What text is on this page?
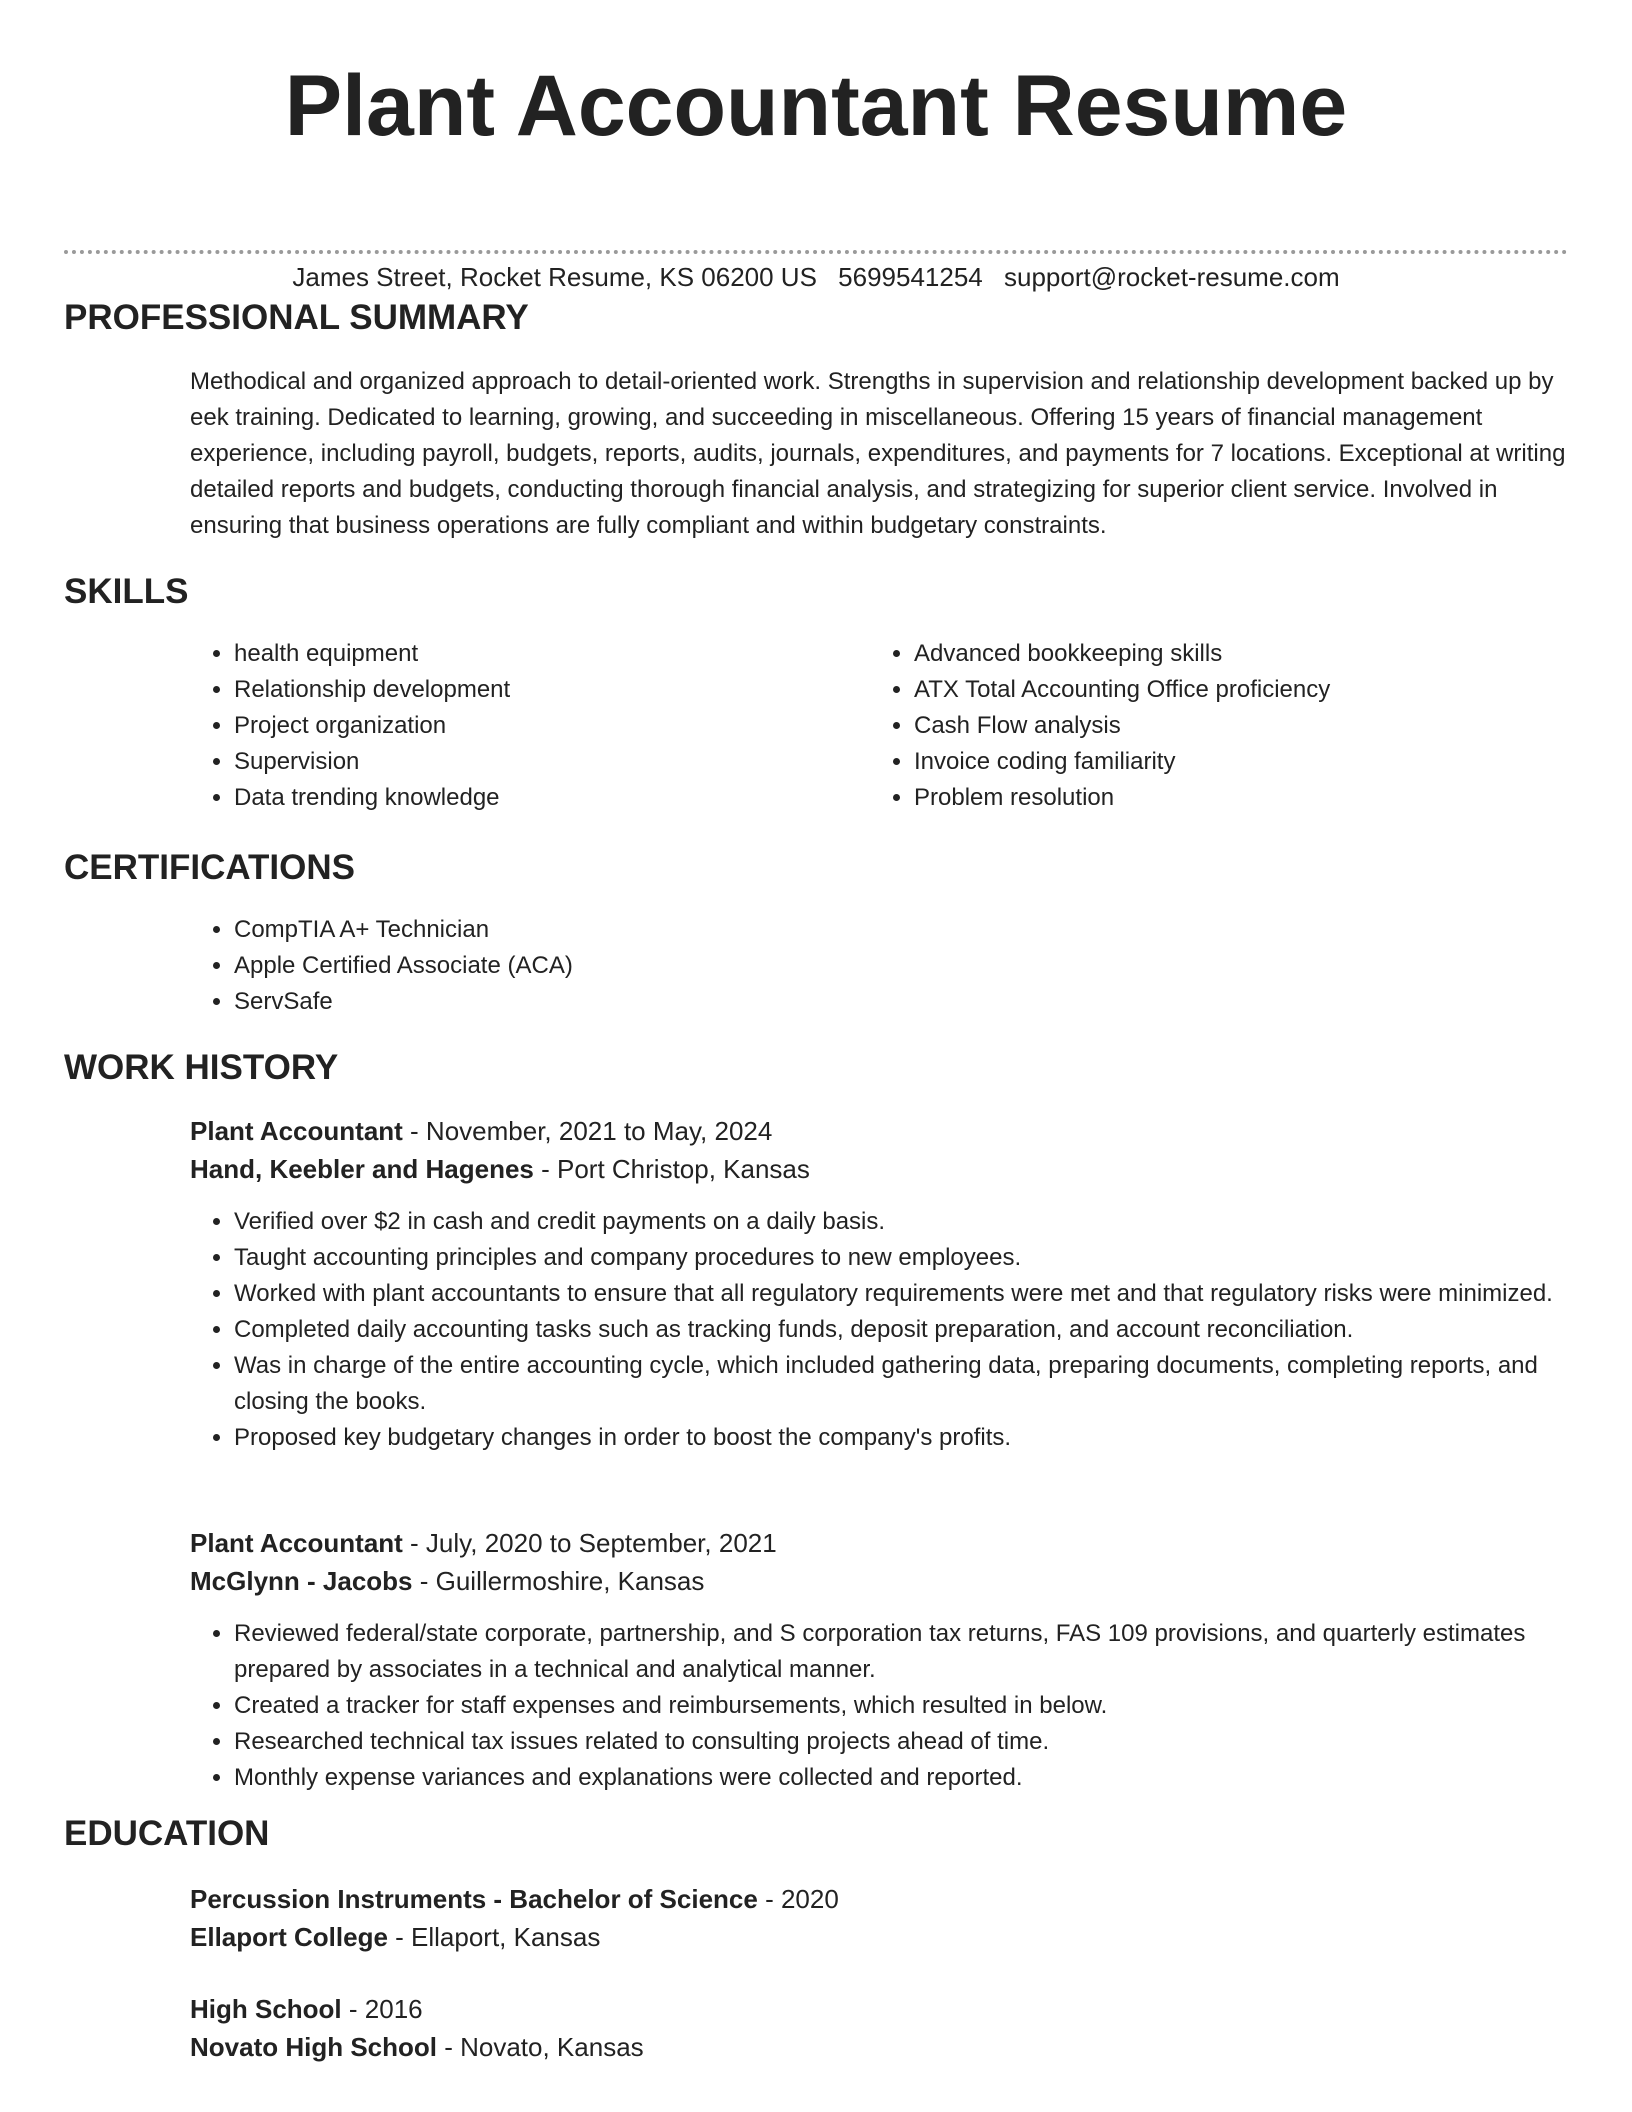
Plant Accountant Resume
James Street, Rocket Resume, KS 06200 US 5699541254 support@rocket-resume.com
PROFESSIONAL SUMMARY
Methodical and organized approach to detail-oriented work. Strengths in supervision and relationship development backed up by eek training. Dedicated to learning, growing, and succeeding in miscellaneous. Offering 15 years of financial management experience, including payroll, budgets, reports, audits, journals, expenditures, and payments for 7 locations. Exceptional at writing detailed reports and budgets, conducting thorough financial analysis, and strategizing for superior client service. Involved in ensuring that business operations are fully compliant and within budgetary constraints.
SKILLS
• health equipment
• Relationship development
• Project organization
• Supervision
• Data trending knowledge
• Advanced bookkeeping skills
• ATX Total Accounting Office proficiency
• Cash Flow analysis
• Invoice coding familiarity
• Problem resolution
CERTIFICATIONS
• CompTIA A+ Technician
• Apple Certified Associate (ACA)
• ServSafe
WORK HISTORY
Plant Accountant - November, 2021 to May, 2024
Hand, Keebler and Hagenes - Port Christop, Kansas
• Verified over $2 in cash and credit payments on a daily basis.
• Taught accounting principles and company procedures to new employees.
• Worked with plant accountants to ensure that all regulatory requirements were met and that regulatory risks were minimized.
• Completed daily accounting tasks such as tracking funds, deposit preparation, and account reconciliation.
• Was in charge of the entire accounting cycle, which included gathering data, preparing documents, completing reports, and closing the books.
• Proposed key budgetary changes in order to boost the company's profits.
Plant Accountant - July, 2020 to September, 2021
McGlynn - Jacobs - Guillermoshire, Kansas
• Reviewed federal/state corporate, partnership, and S corporation tax returns, FAS 109 provisions, and quarterly estimates prepared by associates in a technical and analytical manner.
• Created a tracker for staff expenses and reimbursements, which resulted in below.
• Researched technical tax issues related to consulting projects ahead of time.
• Monthly expense variances and explanations were collected and reported.
EDUCATION
Percussion Instruments - Bachelor of Science - 2020
Ellaport College - Ellaport, Kansas
High School - 2016
Novato High School - Novato, Kansas
